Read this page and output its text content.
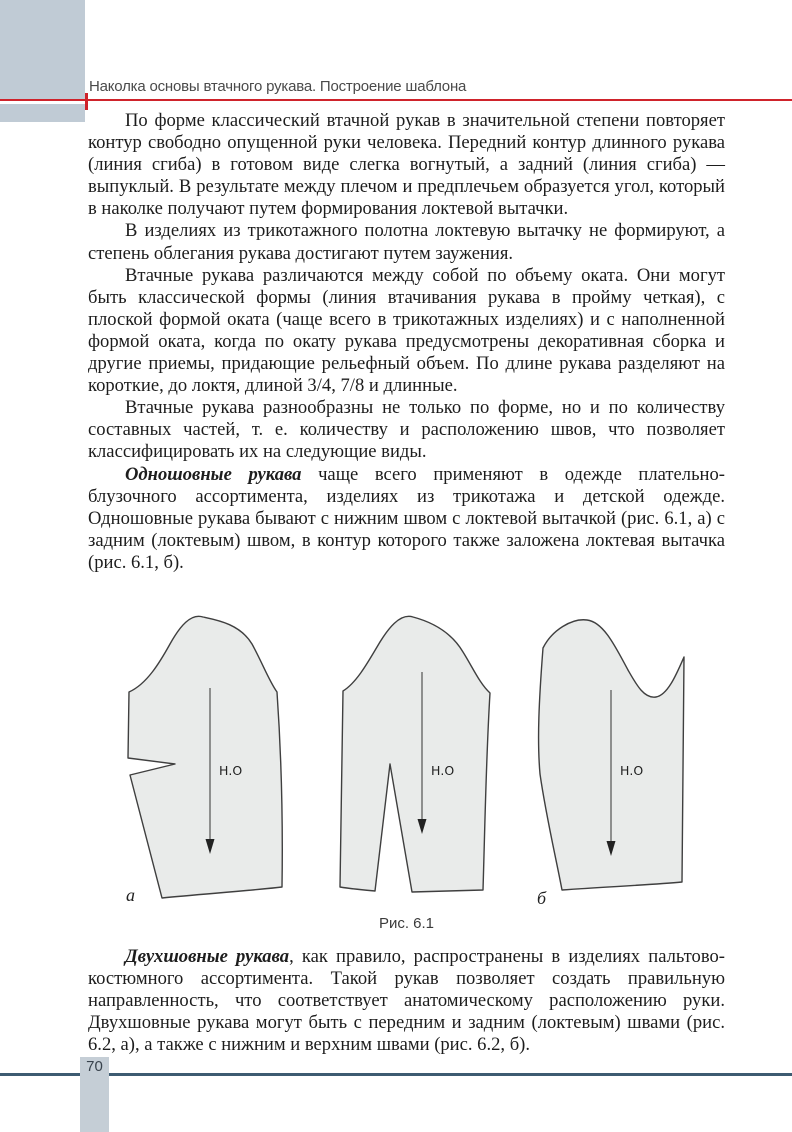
Наколка основы втачного рукава. Построение шаблона

По форме классический втачной рукав в значительной степени повторяет контур свободно опущенной руки человека. Передний контур длинного рукава (линия сгиба) в готовом виде слегка вогнутый, а задний (линия сгиба) — выпуклый. В результате между плечом и предплечьем образуется угол, который в наколке получают путем формирования локтевой вытачки.

В изделиях из трикотажного полотна локтевую вытачку не формируют, а степень облегания рукава достигают путем заужения.

Втачные рукава различаются между собой по объему оката. Они могут быть классической формы (линия втачивания рукава в пройму четкая), с плоской формой оката (чаще всего в трикотажных изделиях) и с наполненной формой оката, когда по окату рукава предусмотрены декоративная сборка и другие приемы, придающие рельефный объем. По длине рукава разделяют на короткие, до локтя, длиной 3/4, 7/8 и длинные.

Втачные рукава разнообразны не только по форме, но и по количеству составных частей, т. е. количеству и расположению швов, что позволяет классифицировать их на следующие виды.

Одношовные рукава чаще всего применяют в одежде плательно-блузочного ассортимента, изделиях из трикотажа и детской одежде. Одношовные рукава бывают с нижним швом с локтевой вытачкой (рис. 6.1, а) с задним (локтевым) швом, в контур которого также заложена локтевая вытачка (рис. 6.1, б).

Н.О	Н.О	Н.О
а	б
Рис. 6.1

Двухшовные рукава, как правило, распространены в изделиях пальтово-костюмного ассортимента. Такой рукав позволяет создать правильную направленность, что соответствует анатомическому расположению руки. Двухшовные рукава могут быть с передним и задним (локтевым) швами (рис. 6.2, а), а также с нижним и верхним швами (рис. 6.2, б).

70
